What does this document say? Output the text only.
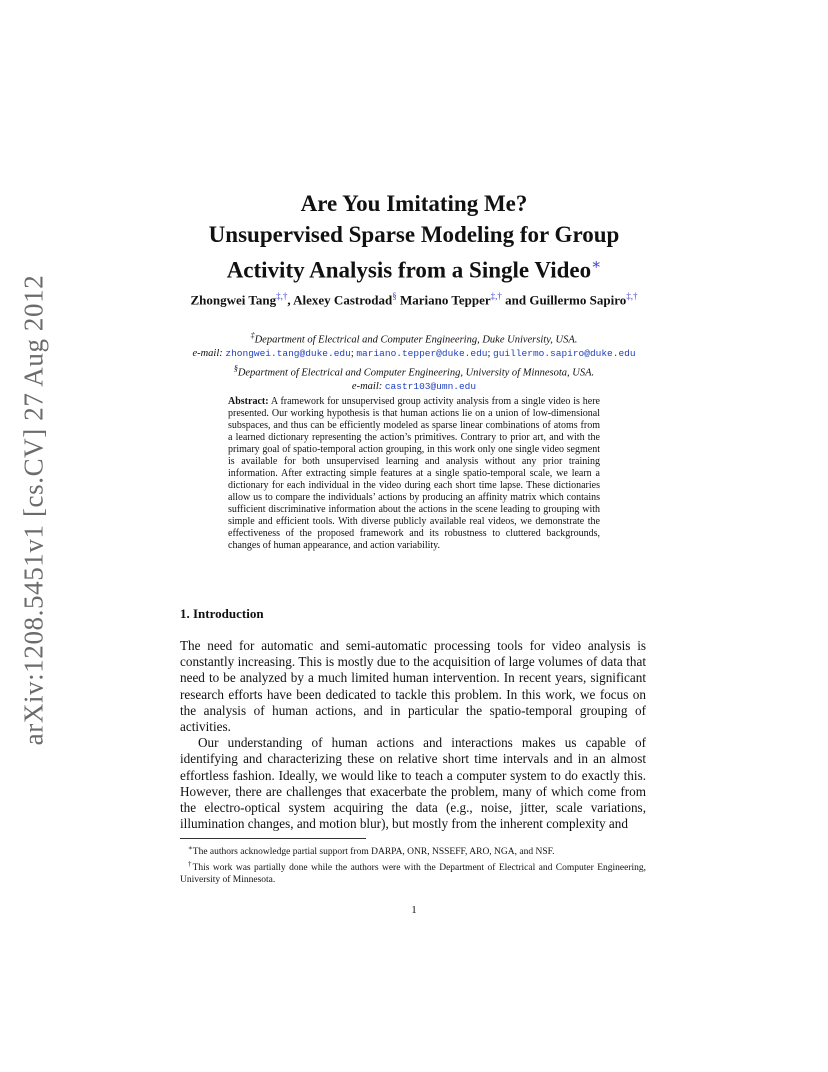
arXiv:1208.5451v1 [cs.CV] 27 Aug 2012
Are You Imitating Me?
Unsupervised Sparse Modeling for Group
Activity Analysis from a Single Video∗
Zhongwei Tang‡,†, Alexey Castrodad§ Mariano Tepper‡,† and Guillermo Sapiro‡,†
‡Department of Electrical and Computer Engineering, Duke University, USA.
e-mail: zhongwei.tang@duke.edu; mariano.tepper@duke.edu; guillermo.sapiro@duke.edu
§Department of Electrical and Computer Engineering, University of Minnesota, USA.
e-mail: castr103@umn.edu
Abstract: A framework for unsupervised group activity analysis from a single video is here presented. Our working hypothesis is that human actions lie on a union of low-dimensional subspaces, and thus can be efficiently modeled as sparse linear combinations of atoms from a learned dictionary representing the action’s primitives. Contrary to prior art, and with the primary goal of spatio-temporal action grouping, in this work only one single video segment is available for both unsupervised learning and analysis without any prior training information. After extracting simple features at a single spatio-temporal scale, we learn a dictionary for each individual in the video during each short time lapse. These dictionaries allow us to compare the individuals’ actions by producing an affinity matrix which contains sufficient discriminative information about the actions in the scene leading to grouping with simple and efficient tools. With diverse publicly available real videos, we demonstrate the effectiveness of the proposed framework and its robustness to cluttered backgrounds, changes of human appearance, and action variability.
1. Introduction

The need for automatic and semi-automatic processing tools for video analysis is constantly increasing. This is mostly due to the acquisition of large volumes of data that need to be analyzed by a much limited human intervention. In recent years, significant research efforts have been dedicated to tackle this problem. In this work, we focus on the analysis of human actions, and in particular the spatio-temporal grouping of activities.

Our understanding of human actions and interactions makes us capable of identifying and characterizing these on relative short time intervals and in an almost effortless fashion. Ideally, we would like to teach a computer system to do exactly this. However, there are challenges that exacerbate the problem, many of which come from the electro-optical system acquiring the data (e.g., noise, jitter, scale variations, illumination changes, and motion blur), but mostly from the inherent complexity and

∗The authors acknowledge partial support from DARPA, ONR, NSSEFF, ARO, NGA, and NSF.
†This work was partially done while the authors were with the Department of Electrical and Computer Engineering, University of Minnesota.
1
